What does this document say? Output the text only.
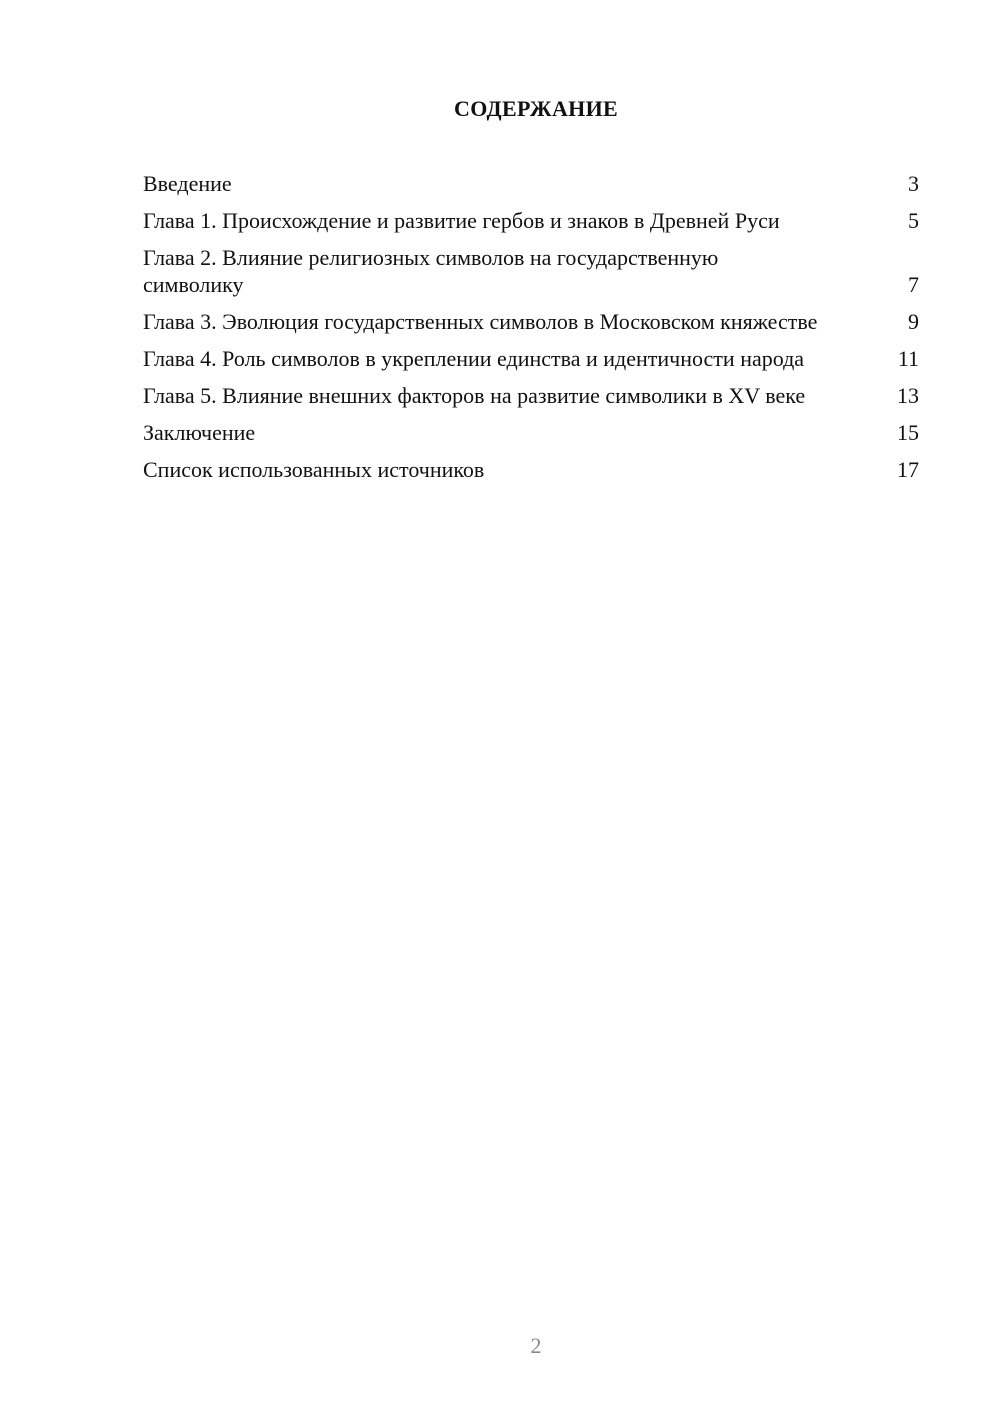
СОДЕРЖАНИЕ
Введение	3
Глава 1. Происхождение и развитие гербов и знаков в Древней Руси	5
Глава 2. Влияние религиозных символов на государственную символику	7
Глава 3. Эволюция государственных символов в Московском княжестве	9
Глава 4. Роль символов в укреплении единства и идентичности народа	11
Глава 5. Влияние внешних факторов на развитие символики в XV веке	13
Заключение	15
Список использованных источников	17
2
